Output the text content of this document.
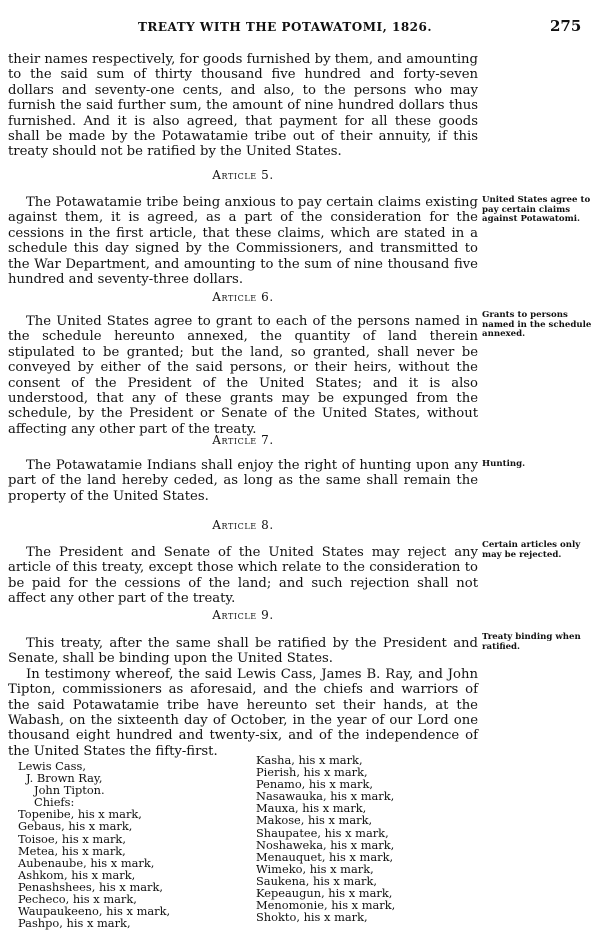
TREATY WITH THE POTAWATOMI, 1826.	275

their names respectively, for goods furnished by them, and amounting to the said sum of thirty thousand five hundred and forty-seven dollars and seventy-one cents, and also, to the persons who may furnish the said further sum, the amount of nine hundred dollars thus furnished. And it is also agreed, that payment for all these goods shall be made by the Potawatamie tribe out of their annuity, if this treaty should not be ratified by the United States.

Article 5.

The Potawatamie tribe being anxious to pay certain claims existing against them, it is agreed, as a part of the consideration for the cessions in the first article, that these claims, which are stated in a schedule this day signed by the Commissioners, and transmitted to the War Department, and amounting to the sum of nine thousand five hundred and seventy-three dollars.

United States agree to pay certain claims against Potawatomi.
Article 6.

The United States agree to grant to each of the persons named in the schedule hereunto annexed, the quantity of land therein stipulated to be granted; but the land, so granted, shall never be conveyed by either of the said persons, or their heirs, without the consent of the President of the United States; and it is also understood, that any of these grants may be expunged from the schedule, by the President or Senate of the United States, without affecting any other part of the treaty.

Grants to persons named in the schedule annexed.
Article 7.

The Potawatamie Indians shall enjoy the right of hunting upon any part of the land hereby ceded, as long as the same shall remain the property of the United States.

Hunting.
Article 8.

The President and Senate of the United States may reject any article of this treaty, except those which relate to the consideration to be paid for the cessions of the land; and such rejection shall not affect any other part of the treaty.

Certain articles only may be rejected.
Article 9.

This treaty, after the same shall be ratified by the President and Senate, shall be binding upon the United States.

In testimony whereof, the said Lewis Cass, James B. Ray, and John Tipton, commissioners as aforesaid, and the chiefs and warriors of the said Potawatamie tribe have hereunto set their hands, at the Wabash, on the sixteenth day of October, in the year of our Lord one thousand eight hundred and twenty-six, and of the independence of the United States the fifty-first.

Treaty binding when ratified.
Lewis Cass,
J. Brown Ray,
John Tipton.
Chiefs:
Topenibe, his x mark,
Gebaus, his x mark,
Toisoe, his x mark,
Metea, his x mark,
Aubenaube, his x mark,
Ashkom, his x mark,
Penashshees, his x mark,
Pecheco, his x mark,
Waupaukeeno, his x mark,
Pashpo, his x mark,
Kasha, his x mark,
Pierish, his x mark,
Penamo, his x mark,
Nasawauka, his x mark,
Mauxa, his x mark,
Makose, his x mark,
Shaupatee, his x mark,
Noshaweka, his x mark,
Menauquet, his x mark,
Wimeko, his x mark,
Saukena, his x mark,
Kepeaugun, his x mark,
Menomonie, his x mark,
Shokto, his x mark,
